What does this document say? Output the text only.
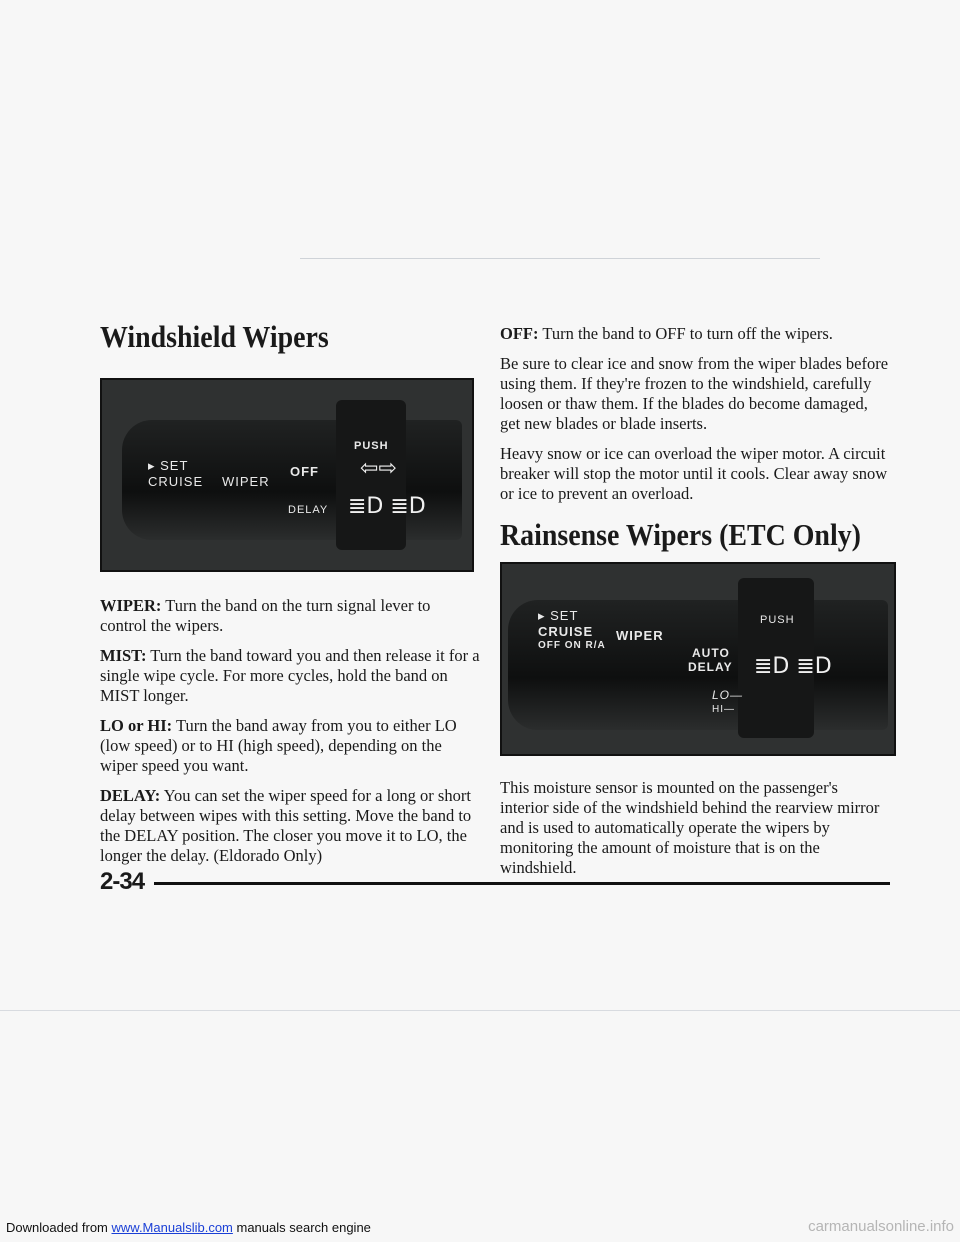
Windshield Wipers
▸ SET
CRUISE WIPER
OFF
PUSH
DELAY
⇦⇨
≣D ≣D

WIPER: Turn the band on the turn signal lever to control the wipers.

MIST: Turn the band toward you and then release it for a single wipe cycle. For more cycles, hold the band on MIST longer.

LO or HI: Turn the band away from you to either LO (low speed) or to HI (high speed), depending on the wiper speed you want.

DELAY: You can set the wiper speed for a long or short delay between wipes with this setting. Move the band to the DELAY position. The closer you move it to LO, the longer the delay. (Eldorado Only)

OFF: Turn the band to OFF to turn off the wipers.

Be sure to clear ice and snow from the wiper blades before using them. If they're frozen to the windshield, carefully loosen or thaw them. If the blades do become damaged, get new blades or blade inserts.

Heavy snow or ice can overload the wiper motor. A circuit breaker will stop the motor until it cools. Clear away snow or ice to prevent an overload.

Rainsense Wipers (ETC Only)
▸ SET
CRUISE
OFF ON R/A
WIPER
PUSH
AUTO
DELAY
LO—
HI—
≣D ≣D

This moisture sensor is mounted on the passenger's interior side of the windshield behind the rearview mirror and is used to automatically operate the wipers by monitoring the amount of moisture that is on the windshield.

2-34
Downloaded from www.Manualslib.com manuals search engine	carmanualsonline.info
